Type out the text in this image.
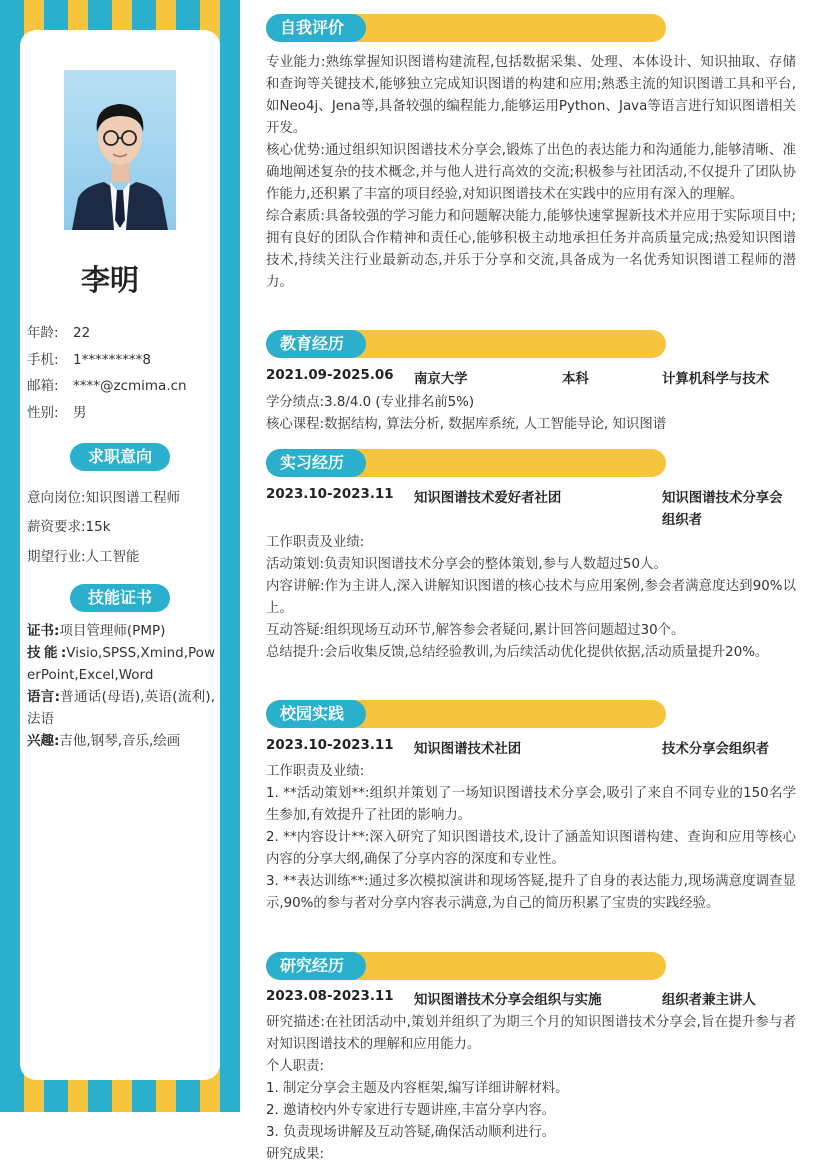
李明
年龄: 22
手机: 1*********8
邮箱: ****@zcmima.cn
性别: 男
求职意向
意向岗位:知识图谱工程师
薪资要求:15k
期望行业:人工智能
技能证书
证书:项目管理师(PMP)
技能:Visio,SPSS,Xmind,PowerPoint,Excel,Word
语言:普通话(母语),英语(流利),法语
兴趣:吉他,钢琴,音乐,绘画
自我评价
专业能力:熟练掌握知识图谱构建流程,包括数据采集、处理、本体设计、知识抽取、存储和查询等关键技术,能够独立完成知识图谱的构建和应用;熟悉主流的知识图谱工具和平台,如Neo4j、Jena等,具备较强的编程能力,能够运用Python、Java等语言进行知识图谱相关开发。
核心优势:通过组织知识图谱技术分享会,锻炼了出色的表达能力和沟通能力,能够清晰、准确地阐述复杂的技术概念,并与他人进行高效的交流;积极参与社团活动,不仅提升了团队协作能力,还积累了丰富的项目经验,对知识图谱技术在实践中的应用有深入的理解。
综合素质:具备较强的学习能力和问题解决能力,能够快速掌握新技术并应用于实际项目中;拥有良好的团队合作精神和责任心,能够积极主动地承担任务并高质量完成;热爱知识图谱技术,持续关注行业最新动态,并乐于分享和交流,具备成为一名优秀知识图谱工程师的潜力。
教育经历
2021.09-2025.06 南京大学	本科	计算机科学与技术
学分绩点:3.8/4.0 (专业排名前5%)
核心课程:数据结构, 算法分析, 数据库系统, 人工智能导论, 知识图谱
实习经历
2023.10-2023.11 知识图谱技术爱好者社团	知识图谱技术分享会
组织者
工作职责及业绩:
活动策划:负责知识图谱技术分享会的整体策划,参与人数超过50人。
内容讲解:作为主讲人,深入讲解知识图谱的核心技术与应用案例,参会者满意度达到90%以上。
互动答疑:组织现场互动环节,解答参会者疑问,累计回答问题超过30个。
总结提升:会后收集反馈,总结经验教训,为后续活动优化提供依据,活动质量提升20%。
校园实践
2023.10-2023.11 知识图谱技术社团	技术分享会组织者
工作职责及业绩:
1. **活动策划**:组织并策划了一场知识图谱技术分享会,吸引了来自不同专业的150名学生参加,有效提升了社团的影响力。
2. **内容设计**:深入研究了知识图谱技术,设计了涵盖知识图谱构建、查询和应用等核心内容的分享大纲,确保了分享内容的深度和专业性。
3. **表达训练**:通过多次模拟演讲和现场答疑,提升了自身的表达能力,现场满意度调查显示,90%的参与者对分享内容表示满意,为自己的简历积累了宝贵的实践经验。
研究经历
2023.08-2023.11 知识图谱技术分享会组织与实施	组织者兼主讲人
研究描述:在社团活动中,策划并组织了为期三个月的知识图谱技术分享会,旨在提升参与者对知识图谱技术的理解和应用能力。
个人职责:
1. 制定分享会主题及内容框架,编写详细讲解材料。
2. 邀请校内外专家进行专题讲座,丰富分享内容。
3. 负责现场讲解及互动答疑,确保活动顺利进行。
研究成果:
